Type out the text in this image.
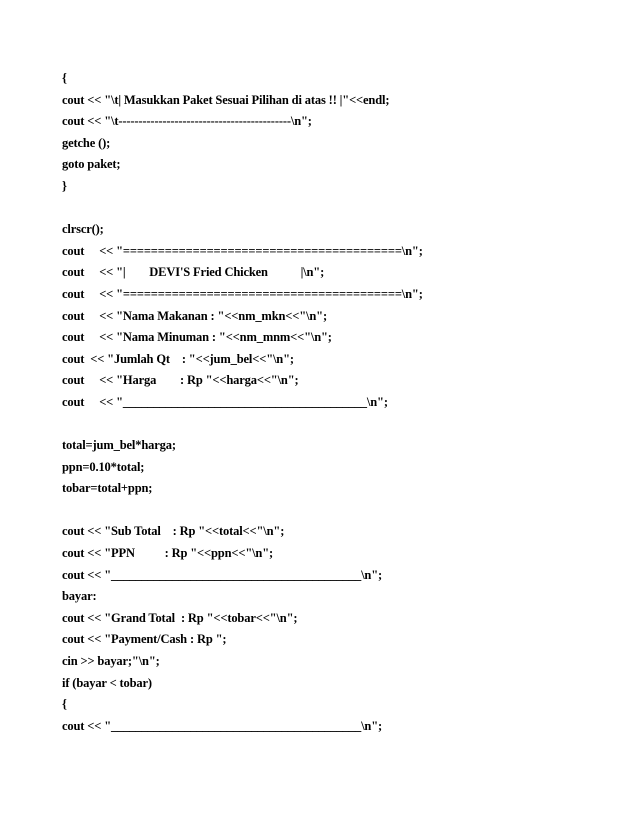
{
cout << "\t| Masukkan Paket Sesuai Pilihan di atas !! |"<<endl;
cout << "\t-------------------------------------------\n";
getche ();
goto paket;
}
clrscr();
cout     << "========================================\n";
cout     << "|        DEVI'S Fried Chicken           |\n";
cout     << "========================================\n";
cout     << "Nama Makanan : "<<nm_mkn<<"\n";
cout     << "Nama Minuman : "<<nm_mnm<<"\n";
cout  << "Jumlah Qt    : "<<jum_bel<<"\n";
cout     << "Harga        : Rp "<<harga<<"\n";
cout     << "________________________________________\n";
total=jum_bel*harga;
ppn=0.10*total;
tobar=total+ppn;
cout << "Sub Total    : Rp "<<total<<"\n";
cout << "PPN          : Rp "<<ppn<<"\n";
cout << "_________________________________________\n";
bayar:
cout << "Grand Total  : Rp "<<tobar<<"\n";
cout << "Payment/Cash : Rp ";
cin >> bayar;"\n";
if (bayar < tobar)
{
cout << "_________________________________________\n";
